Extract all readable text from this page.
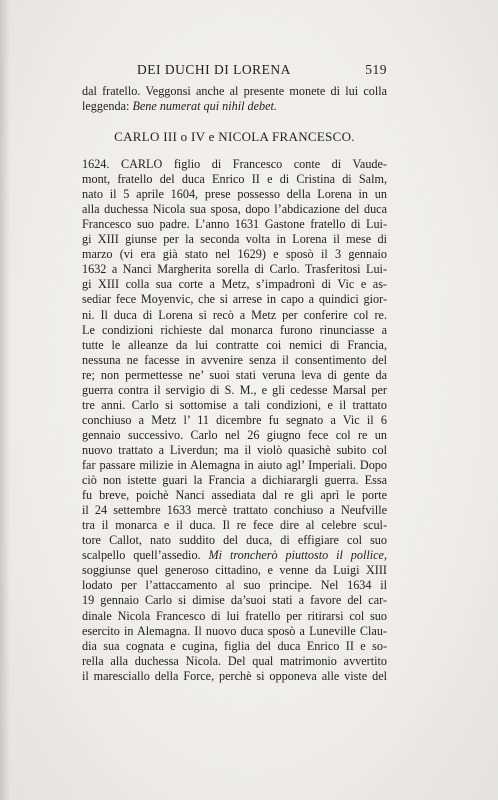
DEI DUCHI DI LORENA	519
dal fratello. Veggonsi anche al presente monete di lui colla
leggenda: Bene numerat qui nihil debet.
CARLO III o IV e NICOLA FRANCESCO.
1624. CARLO figlio di Francesco conte di Vaude-
mont, fratello del duca Enrico II e di Cristina di Salm,
nato il 5 aprile 1604, prese possesso della Lorena in un
alla duchessa Nicola sua sposa, dopo l’abdicazione del duca
Francesco suo padre. L’anno 1631 Gastone fratello di Lui-
gi XIII giunse per la seconda volta in Lorena il mese di
marzo (vi era già stato nel 1629) e sposò il 3 gennaio
1632 a Nanci Margherita sorella di Carlo. Trasferitosi Lui-
gi XIII colla sua corte a Metz, s’impadronì di Vic e as-
sediar fece Moyenvic, che si arrese in capo a quindici gior-
ni. Il duca di Lorena si recò a Metz per conferire col re.
Le condizioni richieste dal monarca furono rinunciasse a
tutte le alleanze da lui contratte coi nemici di Francia,
nessuna ne facesse in avvenire senza il consentimento del
re; non permettesse ne’ suoi stati veruna leva di gente da
guerra contra il servigio di S. M., e gli cedesse Marsal per
tre anni. Carlo si sottomise a tali condizioni, e il trattato
conchiuso a Metz l’ 11 dicembre fu segnato a Vic il 6
gennaio successivo. Carlo nel 26 giugno fece col re un
nuovo trattato a Liverdun; ma il violò quasichè subito col
far passare milizie in Alemagna in aiuto agl’ Imperiali. Dopo
ciò non istette guari la Francia a dichiarargli guerra. Essa
fu breve, poichè Nanci assediata dal re gli aprì le porte
il 24 settembre 1633 mercè trattato conchiuso a Neufville
tra il monarca e il duca. Il re fece dire al celebre scul-
tore Callot, nato suddito del duca, di effigiare col suo
scalpello quell’assedio. Mi troncherò piuttosto il pollice,
soggiunse quel generoso cittadino, e venne da Luigi XIII
lodato per l’attaccamento al suo principe. Nel 1634 il
19 gennaio Carlo si dimise da’suoi stati a favore del car-
dinale Nicola Francesco di lui fratello per ritirarsi col suo
esercito in Alemagna. Il nuovo duca sposò a Luneville Clau-
dia sua cognata e cugina, figlia del duca Enrico II e so-
rella alla duchessa Nicola. Del qual matrimonio avvertito
il maresciallo della Force, perchè si opponeva alle viste del
